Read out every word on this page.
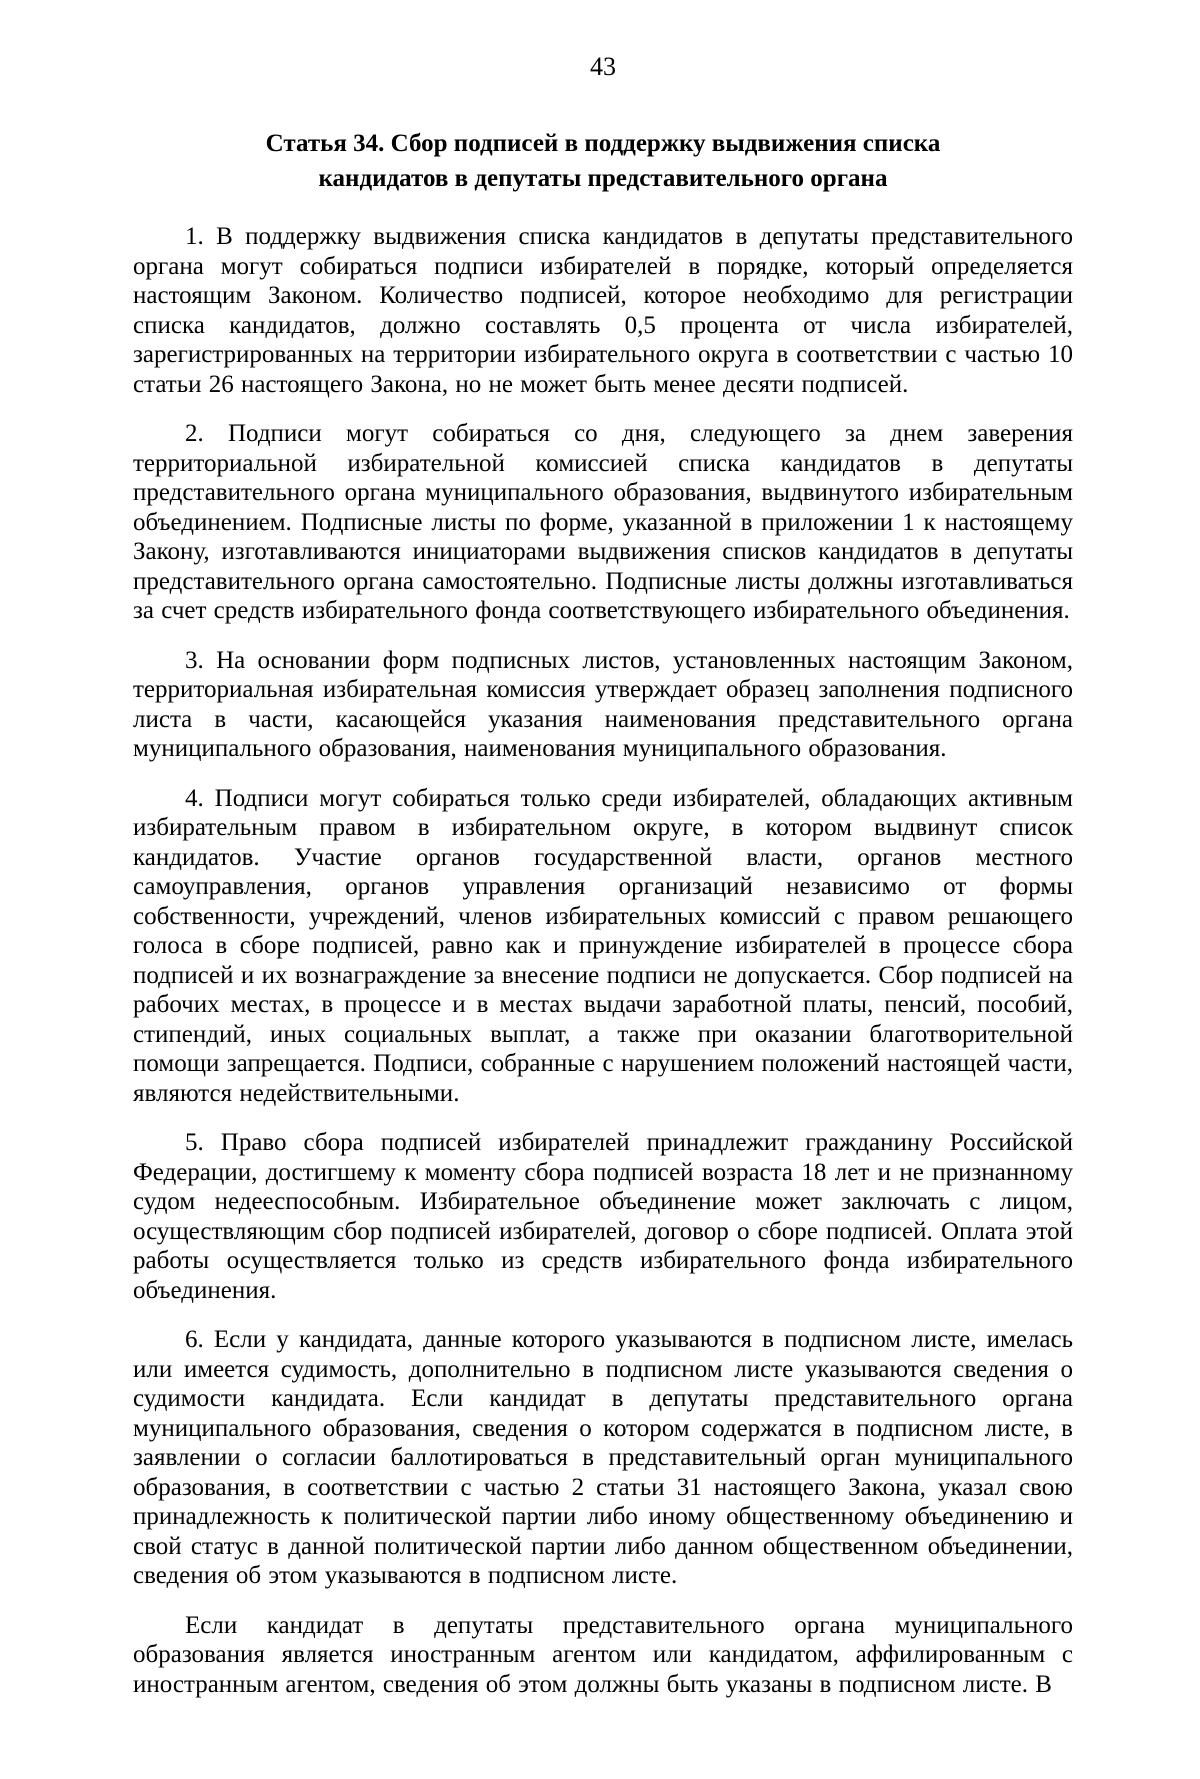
43
Статья 34. Сбор подписей в поддержку выдвижения списка кандидатов в депутаты представительного органа

1. В поддержку выдвижения списка кандидатов в депутаты представительного органа могут собираться подписи избирателей в порядке, который определяется настоящим Законом. Количество подписей, которое необходимо для регистрации списка кандидатов, должно составлять 0,5 процента от числа избирателей, зарегистрированных на территории избирательного округа в соответствии с частью 10 статьи 26 настоящего Закона, но не может быть менее десяти подписей.

2. Подписи могут собираться со дня, следующего за днем заверения территориальной избирательной комиссией списка кандидатов в депутаты представительного органа муниципального образования, выдвинутого избирательным объединением. Подписные листы по форме, указанной в приложении 1 к настоящему Закону, изготавливаются инициаторами выдвижения списков кандидатов в депутаты представительного органа самостоятельно. Подписные листы должны изготавливаться за счет средств избирательного фонда соответствующего избирательного объединения.

3. На основании форм подписных листов, установленных настоящим Законом, территориальная избирательная комиссия утверждает образец заполнения подписного листа в части, касающейся указания наименования представительного органа муниципального образования, наименования муниципального образования.

4. Подписи могут собираться только среди избирателей, обладающих активным избирательным правом в избирательном округе, в котором выдвинут список кандидатов. Участие органов государственной власти, органов местного самоуправления, органов управления организаций независимо от формы собственности, учреждений, членов избирательных комиссий с правом решающего голоса в сборе подписей, равно как и принуждение избирателей в процессе сбора подписей и их вознаграждение за внесение подписи не допускается. Сбор подписей на рабочих местах, в процессе и в местах выдачи заработной платы, пенсий, пособий, стипендий, иных социальных выплат, а также при оказании благотворительной помощи запрещается. Подписи, собранные с нарушением положений настоящей части, являются недействительными.

5. Право сбора подписей избирателей принадлежит гражданину Российской Федерации, достигшему к моменту сбора подписей возраста 18 лет и не признанному судом недееспособным. Избирательное объединение может заключать с лицом, осуществляющим сбор подписей избирателей, договор о сборе подписей. Оплата этой работы осуществляется только из средств избирательного фонда избирательного объединения.

6. Если у кандидата, данные которого указываются в подписном листе, имелась или имеется судимость, дополнительно в подписном листе указываются сведения о судимости кандидата. Если кандидат в депутаты представительного органа муниципального образования, сведения о котором содержатся в подписном листе, в заявлении о согласии баллотироваться в представительный орган муниципального образования, в соответствии с частью 2 статьи 31 настоящего Закона, указал свою принадлежность к политической партии либо иному общественному объединению и свой статус в данной политической партии либо данном общественном объединении, сведения об этом указываются в подписном листе.

Если кандидат в депутаты представительного органа муниципального образования является иностранным агентом или кандидатом, аффилированным с иностранным агентом, сведения об этом должны быть указаны в подписном листе. В
